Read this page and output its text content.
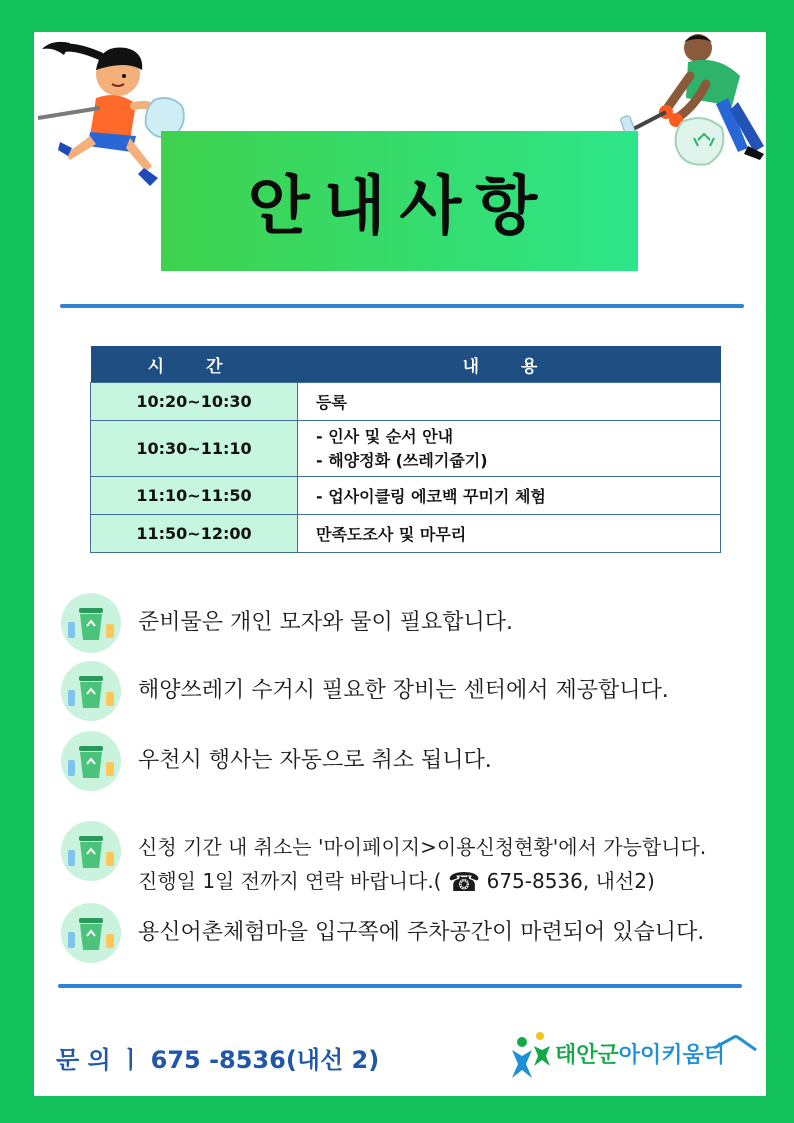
안내사항
시 간	내 용
10:20~10:30	등록
10:30~11:10	- 인사 및 순서 안내
- 해양정화 (쓰레기줍기)

11:10~11:50	- 업사이클링 에코백 꾸미기 체험
11:50~12:00	만족도조사 및 마무리
준비물은 개인 모자와 물이 필요합니다.
해양쓰레기 수거시 필요한 장비는 센터에서 제공합니다.
우천시 행사는 자동으로 취소 됩니다.
신청 기간 내 취소는 '마이페이지>이용신청현황'에서 가능합니다.
진행일 1일 전까지 연락 바랍니다.( ☎ 675-8536, 내선2)
용신어촌체험마을 입구쪽에 주차공간이 마련되어 있습니다.
문 의 ㅣ 675 -8536(내선 2)	태안군아이키움터
